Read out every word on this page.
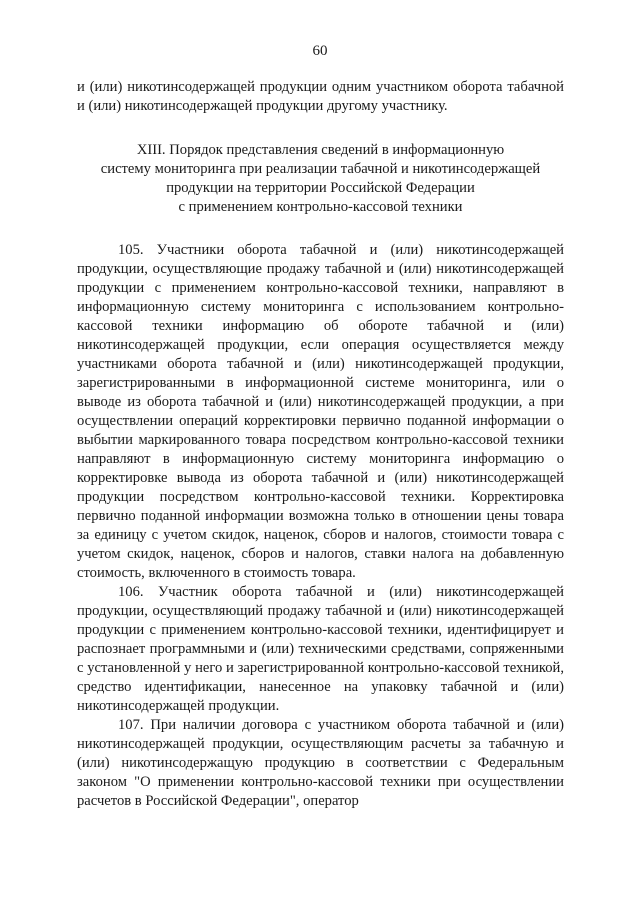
60

и (или) никотинсодержащей продукции одним участником оборота табачной и (или) никотинсодержащей продукции другому участнику.

XIII. Порядок представления сведений в информационную
систему мониторинга при реализации табачной и никотинсодержащей
продукции на территории Российской Федерации
с применением контрольно-кассовой техники

105. Участники оборота табачной и (или) никотинсодержащей продукции, осуществляющие продажу табачной и (или) никотинсодержащей продукции с применением контрольно-кассовой техники, направляют в информационную систему мониторинга с использованием контрольно-кассовой техники информацию об обороте табачной и (или) никотинсодержащей продукции, если операция осуществляется между участниками оборота табачной и (или) никотинсодержащей продукции, зарегистрированными в информационной системе мониторинга, или о выводе из оборота табачной и (или) никотинсодержащей продукции, а при осуществлении операций корректировки первично поданной информации о выбытии маркированного товара посредством контрольно-кассовой техники направляют в информационную систему мониторинга информацию о корректировке вывода из оборота табачной и (или) никотинсодержащей продукции посредством контрольно-кассовой техники. Корректировка первично поданной информации возможна только в отношении цены товара за единицу с учетом скидок, наценок, сборов и налогов, стоимости товара с учетом скидок, наценок, сборов и налогов, ставки налога на добавленную стоимость, включенного в стоимость товара.

106. Участник оборота табачной и (или) никотинсодержащей продукции, осуществляющий продажу табачной и (или) никотинсодержащей продукции с применением контрольно-кассовой техники, идентифицирует и распознает программными и (или) техническими средствами, сопряженными с установленной у него и зарегистрированной контрольно-кассовой техникой, средство идентификации, нанесенное на упаковку табачной и (или) никотинсодержащей продукции.

107. При наличии договора с участником оборота табачной и (или) никотинсодержащей продукции, осуществляющим расчеты за табачную и (или) никотинсодержащую продукцию в соответствии с Федеральным законом "О применении контрольно-кассовой техники при осуществлении расчетов в Российской Федерации", оператор
